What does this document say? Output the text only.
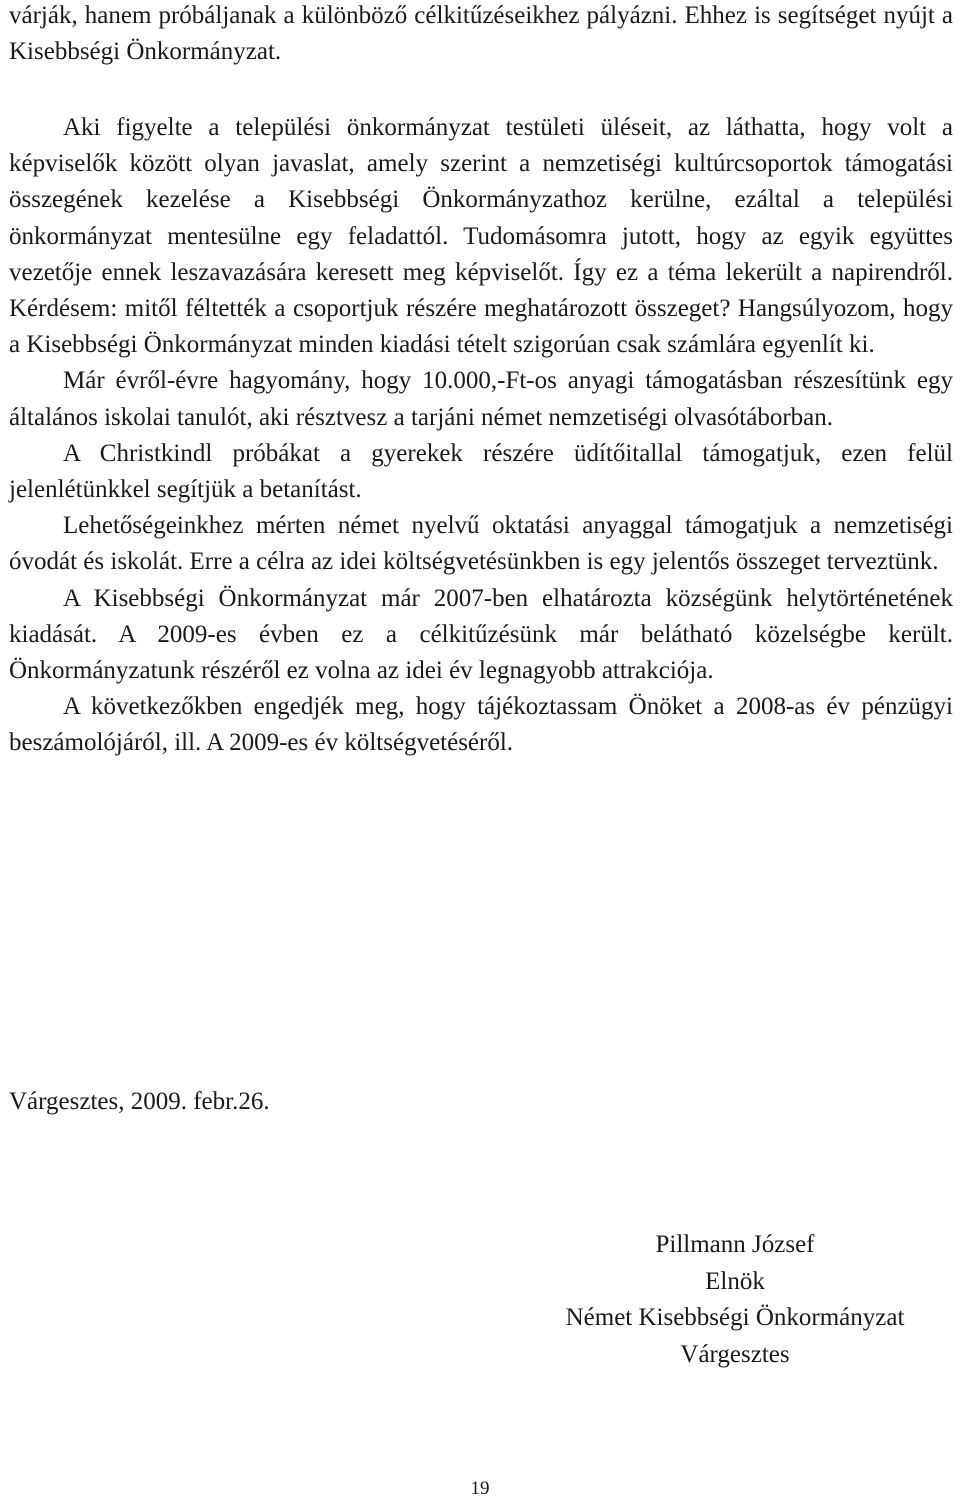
várják, hanem próbáljanak a különböző célkitűzéseikhez pályázni. Ehhez is segítséget nyújt a Kisebbségi Önkormányzat.

Aki figyelte a települési önkormányzat testületi üléseit, az láthatta, hogy volt a képviselők között olyan javaslat, amely szerint a nemzetiségi kultúrcsoportok támogatási összegének kezelése a Kisebbségi Önkormányzathoz kerülne, ezáltal a települési önkormányzat mentesülne egy feladattól. Tudomásomra jutott, hogy az egyik együttes vezetője ennek leszavazására keresett meg képviselőt. Így ez a téma lekerült a napirendről. Kérdésem: mitől féltették a csoportjuk részére meghatározott összeget? Hangsúlyozom, hogy a Kisebbségi Önkormányzat minden kiadási tételt szigorúan csak számlára egyenlít ki.

Már évről-évre hagyomány, hogy 10.000,-Ft-os anyagi támogatásban részesítünk egy általános iskolai tanulót, aki résztvesz a tarjáni német nemzetiségi olvasótáborban.

A Christkindl próbákat a gyerekek részére üdítőitallal támogatjuk, ezen felül jelenlétünkkel segítjük a betanítást.

Lehetőségeinkhez mérten német nyelvű oktatási anyaggal támogatjuk a nemzetiségi óvodát és iskolát. Erre a célra az idei költségvetésünkben is egy jelentős összeget terveztünk.

A Kisebbségi Önkormányzat már 2007-ben elhatározta községünk helytörténetének kiadását. A 2009-es évben ez a célkitűzésünk már belátható közelségbe került. Önkormányzatunk részéről ez volna az idei év legnagyobb attrakciója.

A következőkben engedjék meg, hogy tájékoztassam Önöket a 2008-as év pénzügyi beszámolójáról, ill. A 2009-es év költségvetéséről.

Várgesztes, 2009. febr.26.
Pillmann József
Elnök
Német Kisebbségi Önkormányzat
Várgesztes
19
